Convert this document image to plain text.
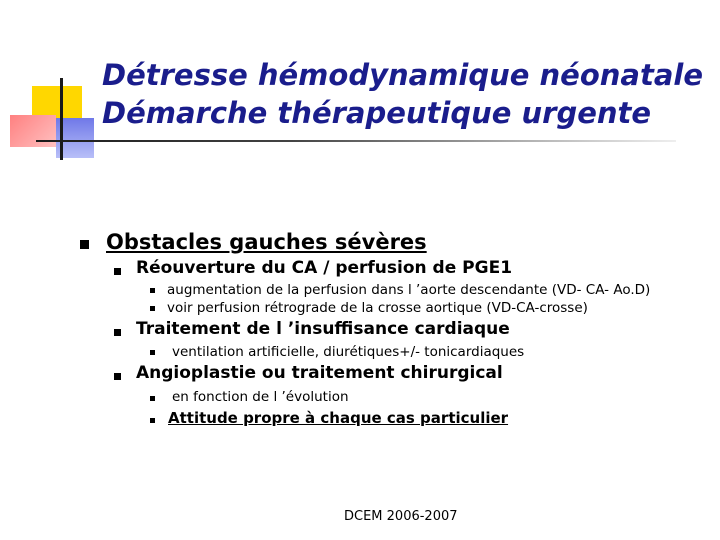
Détresse hémodynamique néonatale
Démarche thérapeutique urgente
Obstacles gauches sévères
Réouverture du CA / perfusion de PGE1
augmentation de la perfusion dans l ’aorte descendante (VD- CA- Ao.D)
voir perfusion rétrograde de la crosse aortique (VD-CA-crosse)
Traitement de l ’insuffisance cardiaque
ventilation artificielle, diurétiques+/- tonicardiaques
Angioplastie ou traitement chirurgical
en fonction de l ’évolution
Attitude propre à chaque cas particulier
DCEM 2006-2007
